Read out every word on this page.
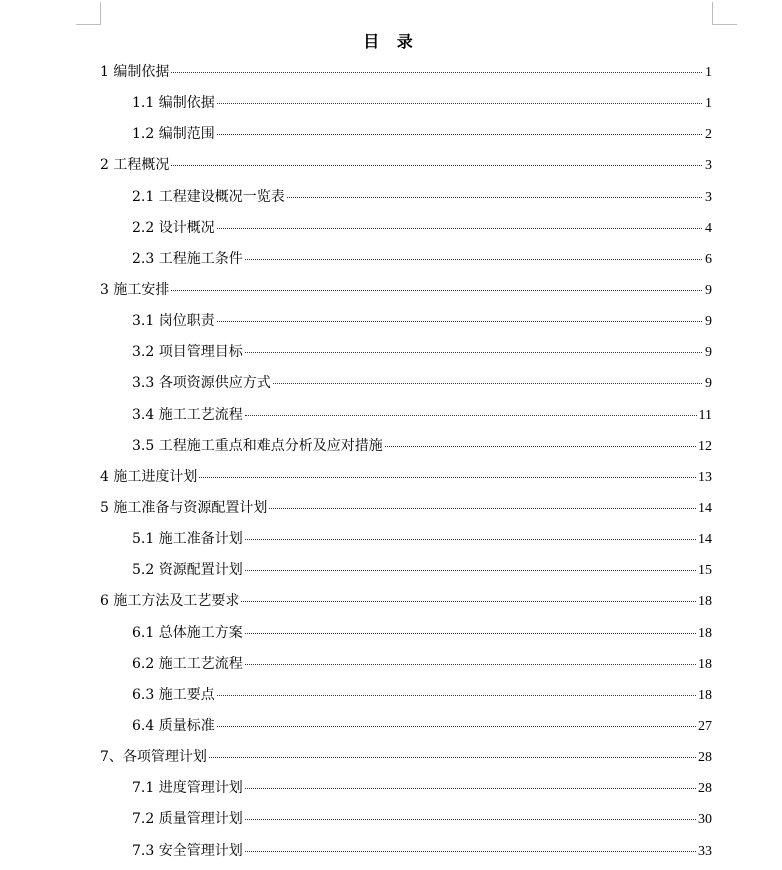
目 录
1 编制依据	1
1.1 编制依据	1
1.2 编制范围	2
2 工程概况	3
2.1 工程建设概况一览表	3
2.2 设计概况	4
2.3 工程施工条件	6
3 施工安排	9
3.1 岗位职责	9
3.2 项目管理目标	9
3.3 各项资源供应方式	9
3.4 施工工艺流程	11
3.5 工程施工重点和难点分析及应对措施	12
4 施工进度计划	13
5 施工准备与资源配置计划	14
5.1 施工准备计划	14
5.2 资源配置计划	15
6 施工方法及工艺要求	18
6.1 总体施工方案	18
6.2 施工工艺流程	18
6.3 施工要点	18
6.4 质量标准	27
7、各项管理计划	28
7.1 进度管理计划	28
7.2 质量管理计划	30
7.3 安全管理计划	33
